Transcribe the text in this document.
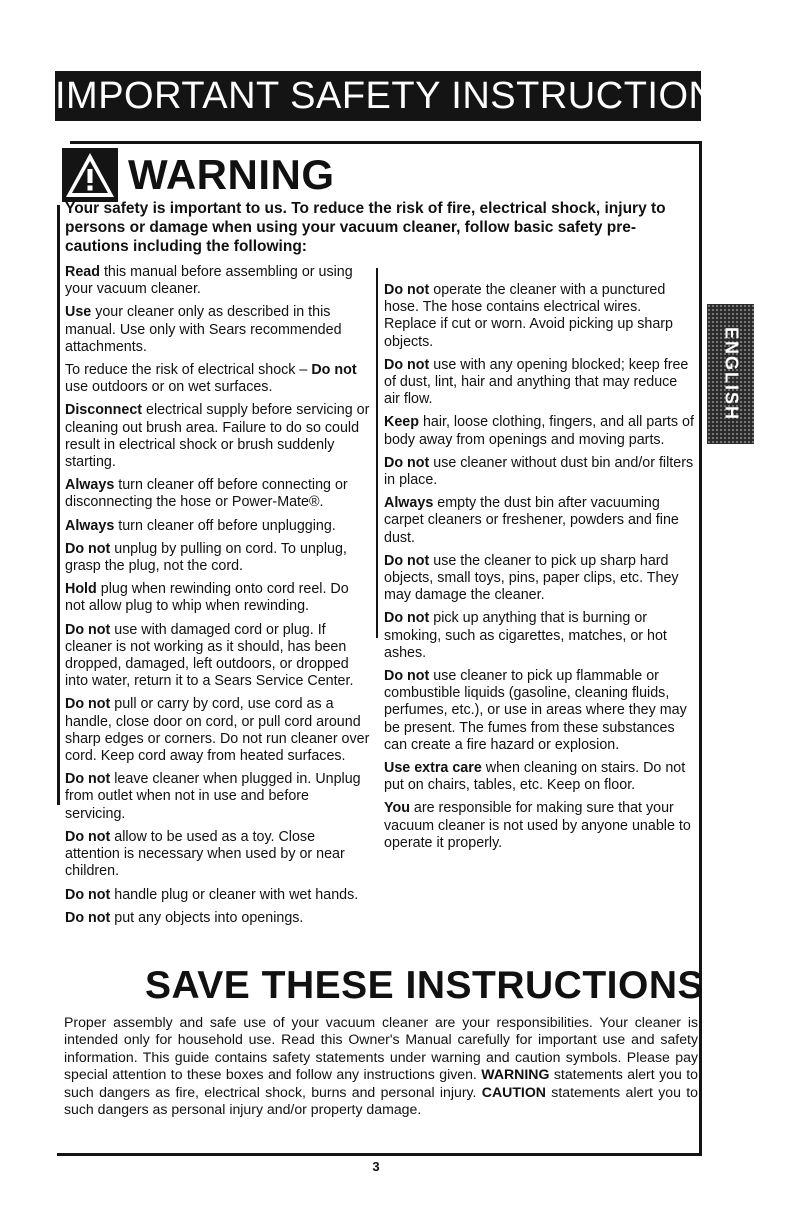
IMPORTANT SAFETY INSTRUCTIONS
WARNING
Your safety is important to us. To reduce the risk of fire, electrical shock, injury to persons or damage when using your vacuum cleaner, follow basic safety pre-cautions including the following:

Read this manual before assembling or using your vacuum cleaner.

Use your cleaner only as described in this manual. Use only with Sears recommended attachments.

To reduce the risk of electrical shock – Do not use outdoors or on wet surfaces.

Disconnect electrical supply before servicing or cleaning out brush area. Failure to do so could result in electrical shock or brush suddenly starting.

Always turn cleaner off before connecting or disconnecting the hose or Power-Mate®.

Always turn cleaner off before unplugging.

Do not unplug by pulling on cord. To unplug, grasp the plug, not the cord.

Hold plug when rewinding onto cord reel. Do not allow plug to whip when rewinding.

Do not use with damaged cord or plug. If cleaner is not working as it should, has been dropped, damaged, left outdoors, or dropped into water, return it to a Sears Service Center.

Do not pull or carry by cord, use cord as a handle, close door on cord, or pull cord around sharp edges or corners. Do not run cleaner over cord. Keep cord away from heated surfaces.

Do not leave cleaner when plugged in. Unplug from outlet when not in use and before servicing.

Do not allow to be used as a toy. Close attention is necessary when used by or near children.

Do not handle plug or cleaner with wet hands.

Do not put any objects into openings.

Do not operate the cleaner with a punctured hose. The hose contains electrical wires. Replace if cut or worn. Avoid picking up sharp objects.

Do not use with any opening blocked; keep free of dust, lint, hair and anything that may reduce air flow.

Keep hair, loose clothing, fingers, and all parts of body away from openings and moving parts.

Do not use cleaner without dust bin and/or filters in place.

Always empty the dust bin after vacuuming carpet cleaners or freshener, powders and fine dust.

Do not use the cleaner to pick up sharp hard objects, small toys, pins, paper clips, etc. They may damage the cleaner.

Do not pick up anything that is burning or smoking, such as cigarettes, matches, or hot ashes.

Do not use cleaner to pick up flammable or combustible liquids (gasoline, cleaning fluids, perfumes, etc.), or use in areas where they may be present. The fumes from these substances can create a fire hazard or explosion.

Use extra care when cleaning on stairs. Do not put on chairs, tables, etc. Keep on floor.

You are responsible for making sure that your vacuum cleaner is not used by anyone unable to operate it properly.

ENGLISH
SAVE THESE INSTRUCTIONS
Proper assembly and safe use of your vacuum cleaner are your responsibilities. Your cleaner is intended only for household use. Read this Owner's Manual carefully for important use and safety information. This guide contains safety statements under warning and caution symbols. Please pay special attention to these boxes and follow any instructions given. WARNING statements alert you to such dangers as fire, electrical shock, burns and personal injury. CAUTION statements alert you to such dangers as personal injury and/or property damage.
3
